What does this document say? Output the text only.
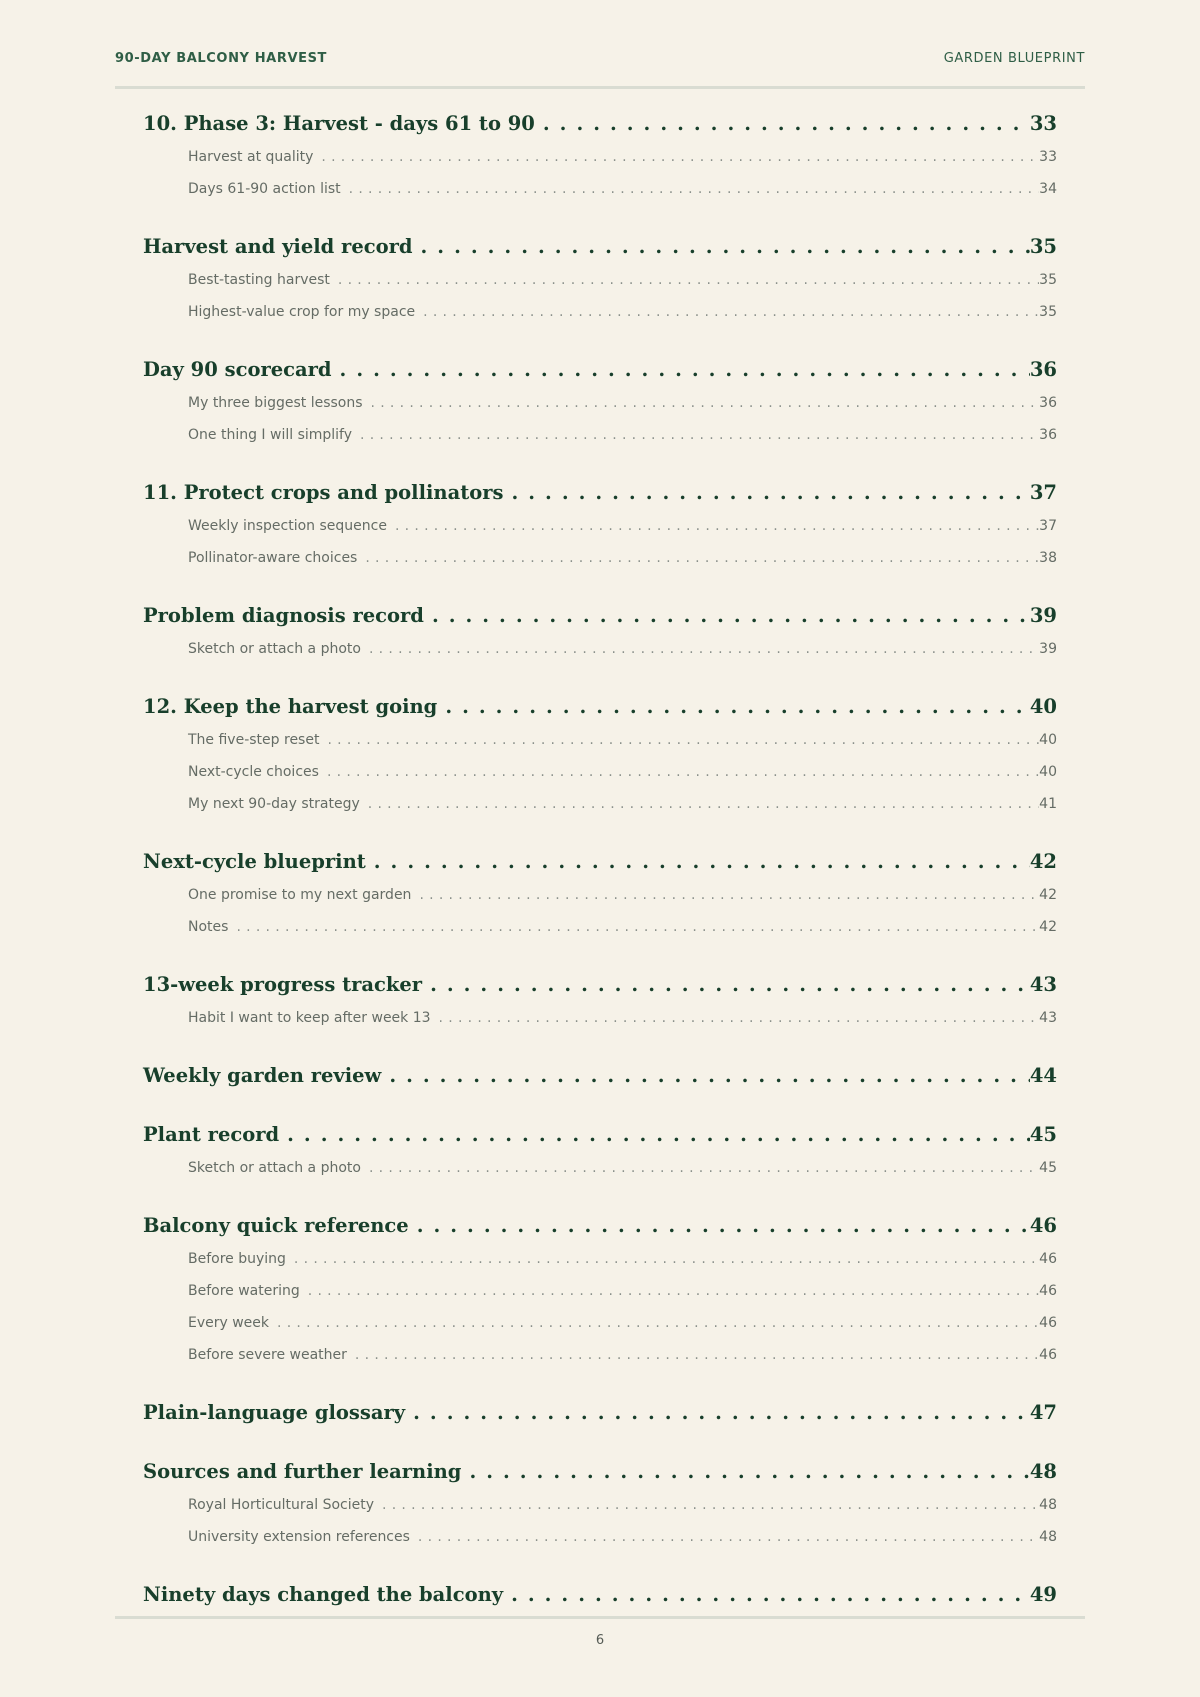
90-DAY BALCONY HARVEST	GARDEN BLUEPRINT
10. Phase 3: Harvest - days 61 to 90 . . .	33
Harvest at quality . . .	33
Days 61-90 action list . . .	34
Harvest and yield record . . .	35
Best-tasting harvest . . .	35
Highest-value crop for my space . . .	35
Day 90 scorecard . . .	36
My three biggest lessons . . .	36
One thing I will simplify . . .	36
11. Protect crops and pollinators . . .	37
Weekly inspection sequence . . .	37
Pollinator-aware choices . . .	38
Problem diagnosis record . . .	39
Sketch or attach a photo . . .	39
12. Keep the harvest going . . .	40
The five-step reset . . .	40
Next-cycle choices . . .	40
My next 90-day strategy . . .	41
Next-cycle blueprint . . .	42
One promise to my next garden . . .	42
Notes . . .	42
13-week progress tracker . . .	43
Habit I want to keep after week 13 . . .	43
Weekly garden review . . .	44
Plant record . . .	45
Sketch or attach a photo . . .	45
Balcony quick reference . . .	46
Before buying . . .	46
Before watering . . .	46
Every week . . .	46
Before severe weather . . .	46
Plain-language glossary . . .	47
Sources and further learning . . .	48
Royal Horticultural Society . . .	48
University extension references . . .	48
Ninety days changed the balcony . . .	49
6
